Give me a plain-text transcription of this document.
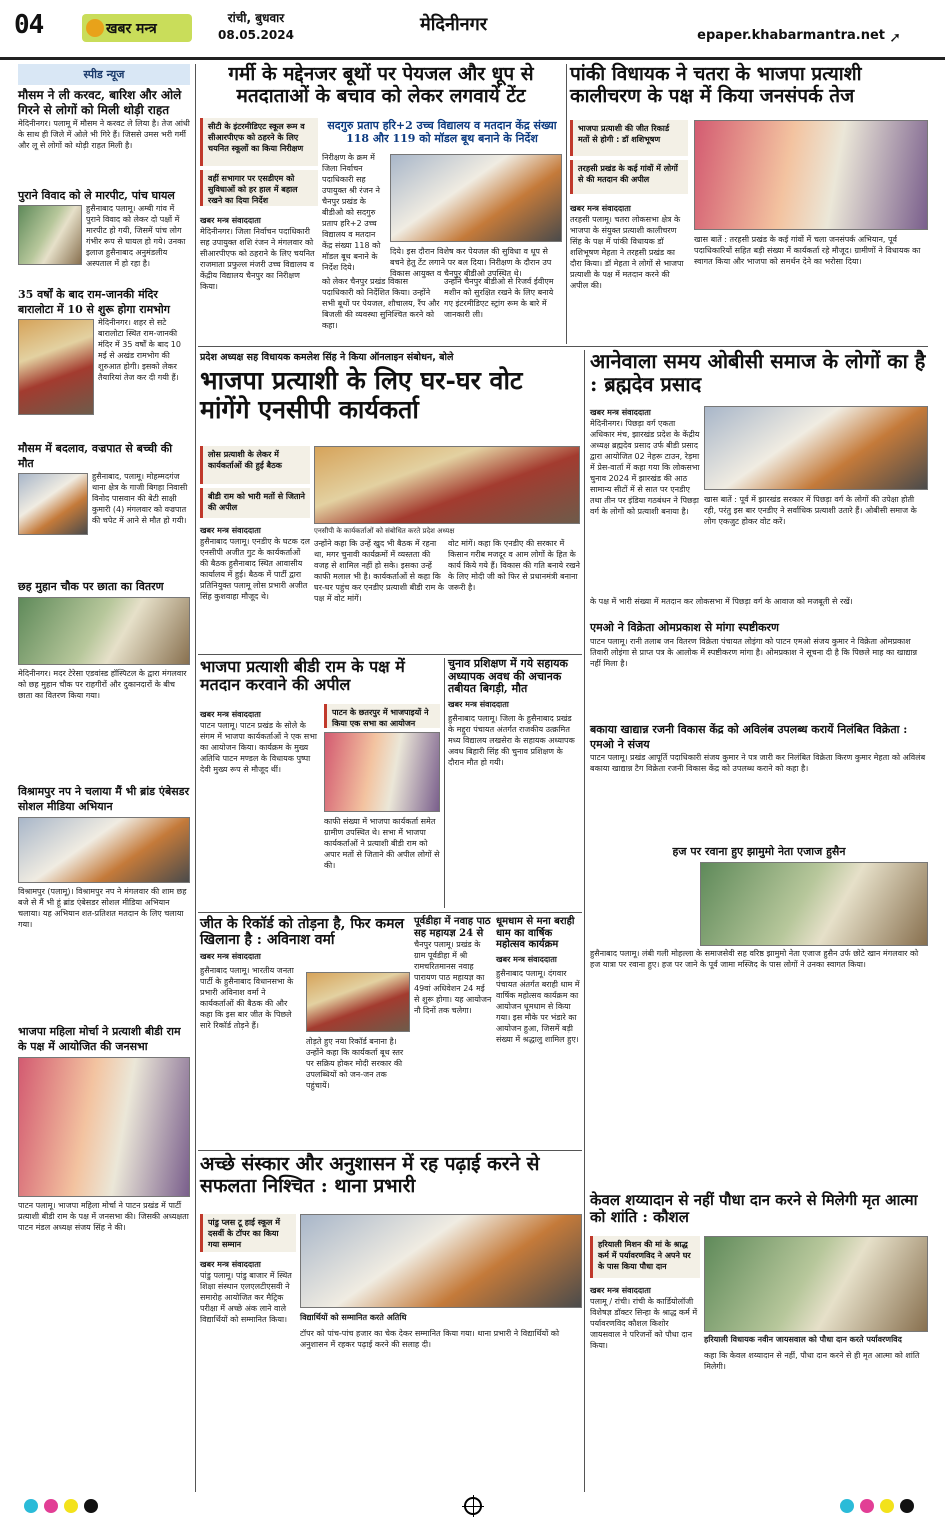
04	खबर मन्त्र
रांची, बुधवार
08.05.2024	मेदिनीनगर
epaper.khabarmantra.net ➚
स्पीड न्यूज
मौसम ने ली करवट, बारिश और ओले गिरने से लोगों को मिली थोड़ी राहत
मेदिनीनगर। पलामू में मौसम ने करवट ले लिया है। तेज आंधी के साथ ही जिले में ओले भी गिरे हैं। जिससे उमस भरी गर्मी और लू से लोगों को थोड़ी राहत मिली है।
पुराने विवाद को ले मारपीट, पांच घायल
हुसैनाबाद पलामू। अम्बी गांव में पुराने विवाद को लेकर दो पक्षों में मारपीट हो गयी, जिसमें पांच लोग गंभीर रूप से घायल हो गये। उनका इलाज हुसैनाबाद अनुमंडलीय अस्पताल में हो रहा है।
35 वर्षों के बाद राम-जानकी मंदिर बारालोटा में 10 से शुरू होगा रामभोग
मेदिनीनगर। शहर से सटे बारालोटा स्थित राम-जानकी मंदिर में 35 वर्षों के बाद 10 मई से अखंड रामभोग की शुरुआत होगी। इसको लेकर तैयारियां तेज कर दी गयी हैं।
मौसम में बदलाव, वज्रपात से बच्ची की मौत
हुसैनाबाद, पलामू। मोहम्मदगंज थाना क्षेत्र के गाजी बिगहा निवासी विनोद पासवान की बेटी साक्षी कुमारी (4) मंगलवार को वज्रपात की चपेट में आने से मौत हो गयी।
छह मुहान चौक पर छाता का वितरण
मेदिनीनगर। मदर टेरेसा एडवांस्ड हॉस्पिटल के द्वारा मंगलवार को छह मुहान चौक पर राहगीरों और दुकानदारों के बीच छाता का वितरण किया गया।
विश्रामपुर नप ने चलाया मैं भी ब्रांड एंबेसडर सोशल मीडिया अभियान
विश्रामपुर (पलामू)। विश्रामपुर नप ने मंगलवार की शाम छह बजे से मैं भी हूं ब्रांड एंबेसडर सोशल मीडिया अभियान चलाया। यह अभियान शत-प्रतिशत मतदान के लिए चलाया गया।
भाजपा महिला मोर्चा ने प्रत्याशी बीडी राम के पक्ष में आयोजित की जनसभा
पाटन पलामू। भाजपा महिला मोर्चा ने पाटन प्रखंड में पार्टी प्रत्याशी बीडी राम के पक्ष में जनसभा की। जिसकी अध्यक्षता पाटन मंडल अध्यक्ष संजय सिंह ने की।
गर्मी के मद्देनजर बूथों पर पेयजल और धूप से मतदाताओं के बचाव को लेकर लगवायें टेंट
सीटी के इंटरमीडिएट स्कूल रूम व सीआरपीएफ को ठहरने के लिए चयनित स्कूलों का किया निरीक्षण
वहीं सभागार पर एसडीएम को सुविधाओं को हर हाल में बहाल रखने का दिया निर्देश
सदगुरु प्रताप हरि+2 उच्च विद्यालय व मतदान केंद्र संख्या 118 और 119 को मॉडल बूथ बनाने के निर्देश
निरीक्षण के क्रम में जिला निर्वाचन पदाधिकारी सह उपायुक्त श्री रंजन ने चैनपुर प्रखंड के बीडीओ को सदगुरु प्रताप हरि+2 उच्च विद्यालय व मतदान केंद्र संख्या 118 को मॉडल बूथ बनाने के निर्देश दिये।
खबर मन्त्र संवाददाता
मेदिनीनगर। जिला निर्वाचन पदाधिकारी सह उपायुक्त शशि रंजन ने मंगलवार को सीआरपीएफ को ठहराने के लिए चयनित राजमाता प्रफुल्ल मंजरी उच्च विद्यालय व केंद्रीय विद्यालय चैनपुर का निरीक्षण किया।
दिये। इस दौरान विशेष कर पेयजल की सुविधा व धूप से बचने हेतु टेंट लगाने पर बल दिया। निरीक्षण के दौरान उप विकास आयुक्त व चैनपुर बीडीओ उपस्थित थे।
को लेकर चैनपुर प्रखंड विकास पदाधिकारी को निर्देशित किया। उन्होंने सभी बूथों पर पेयजल, शौचालय, रैंप और बिजली की व्यवस्था सुनिश्चित करने को कहा।
उन्होंने चैनपुर बीडीओ से रिजर्व ईवीएम मशीन को सुरक्षित रखने के लिए बनाये गए इंटरमीडिएट स्ट्रांग रूम के बारे में जानकारी ली।
पांकी विधायक ने चतरा के भाजपा प्रत्याशी कालीचरण के पक्ष में किया जनसंपर्क तेज
भाजपा प्रत्याशी की जीत रिकार्ड मतों से होगी : डॉ शशिभूषण
तरहसी प्रखंड के कई गांवों में लोगों से की मतदान की अपील
खबर मन्त्र संवाददाता
तरहसी पलामू। चतरा लोकसभा क्षेत्र के भाजपा के संयुक्त प्रत्याशी कालीचरण सिंह के पक्ष में पांकी विधायक डॉ शशिभूषण मेहता ने तरहसी प्रखंड का दौरा किया। डॉ मेहता ने लोगों से भाजपा प्रत्याशी के पक्ष में मतदान करने की अपील की।
खास बातें : तरहसी प्रखंड के कई गांवों में चला जनसंपर्क अभियान, पूर्व पदाधिकारियों सहित बड़ी संख्या में कार्यकर्ता रहे मौजूद। ग्रामीणों ने विधायक का स्वागत किया और भाजपा को समर्थन देने का भरोसा दिया।
प्रदेश अध्यक्ष सह विधायक कमलेश सिंह ने किया ऑनलाइन संबोधन, बोले
भाजपा प्रत्याशी के लिए घर-घर वोट मांगेंगे एनसीपी कार्यकर्ता
लोस प्रत्याशी के लेकर में कार्यकर्ताओं की हुई बैठक
बीडी राम को भारी मतों से जिताने की अपील
एनसीपी के कार्यकर्ताओं को संबोधित करते प्रदेश अध्यक्ष
खबर मन्त्र संवाददाता
हुसैनाबाद पलामू। एनडीए के घटक दल एनसीपी अजीत गुट के कार्यकर्ताओं की बैठक हुसैनाबाद स्थित आवासीय कार्यालय में हुई। बैठक में पार्टी द्वारा प्रतिनियुक्त पलामू लोस प्रभारी अजीत सिंह कुशवाहा मौजूद थे।
उन्होंने कहा कि उन्हें खुद भी बैठक में रहना था, मगर चुनावी कार्यक्रमों में व्यस्तता की वजह से शामिल नहीं हो सके। इसका उन्हें काफी मलाल भी है। कार्यकर्ताओं से कहा कि घर-घर पहुंच कर एनडीए प्रत्याशी बीडी राम के पक्ष में वोट मांगें।
वोट मांगें। कहा कि एनडीए की सरकार में किसान गरीब मजदूर व आम लोगों के हित के कार्य किये गये हैं। विकास की गति बनाये रखने के लिए मोदी जी को फिर से प्रधानमंत्री बनाना जरूरी है।
आनेवाला समय ओबीसी समाज के लोगों का है : ब्रह्मदेव प्रसाद
खबर मन्त्र संवाददाता
मेदिनीनगर। पिछड़ा वर्ग एकता अधिकार मंच, झारखंड प्रदेश के केंद्रीय अध्यक्ष ब्रह्मदेव प्रसाद उर्फ बीडी प्रसाद द्वारा आयोजित 02 नेहरू टाउन, रेड़मा में प्रेस-वार्ता में कहा गया कि लोकसभा चुनाव 2024 में झारखंड की आठ सामान्य सीटों में से सात पर एनडीए तथा तीन पर इंडिया गठबंधन ने पिछड़ा वर्ग के लोगों को प्रत्याशी बनाया है।
खास बातें : पूर्व में झारखंड सरकार में पिछड़ा वर्ग के लोगों की उपेक्षा होती रही, परंतु इस बार एनडीए ने सर्वाधिक प्रत्याशी उतारे हैं। ओबीसी समाज के लोग एकजुट होकर वोट करें।
के पक्ष में भारी संख्या में मतदान कर लोकसभा में पिछड़ा वर्ग के आवाज को मजबूती से रखें।
एमओ ने विक्रेता ओमप्रकाश से मांगा स्पष्टीकरण
पाटन पलामू। रानी तलाब जन वितरण विक्रेता पंचायत लोइंगा को पाटन एमओ संजय कुमार ने विक्रेता ओमप्रकाश तिवारी लोइंगा से प्राप्त पत्र के आलोक में स्पष्टीकरण मांगा है। ओमप्रकाश ने सूचना दी है कि पिछले माह का खाद्यान्न नहीं मिला है।
बकाया खाद्यान्न रजनी विकास केंद्र को अविलंब उपलब्ध करायें निलंबित विक्रेता : एमओ ने संजय
पाटन पलामू। प्रखंड आपूर्ति पदाधिकारी संजय कुमार ने पत्र जारी कर निलंबित विक्रेता किरण कुमार मेहता को अविलंब बकाया खाद्यान्न टैग विक्रेता रजनी विकास केंद्र को उपलब्ध कराने को कहा है।
हज पर रवाना हुए झामुमो नेता एजाज हुसैन
हुसैनाबाद पलामू। लंबी गली मोहल्ला के समाजसेवी सह वरिष्ठ झामुमो नेता एजाज हुसैन उर्फ छोटे खान मंगलवार को हज यात्रा पर रवाना हुए। हज पर जाने के पूर्व जामा मस्जिद के पास लोगों ने उनका स्वागत किया।
भाजपा प्रत्याशी बीडी राम के पक्ष में मतदान करवाने की अपील
पाटन के छतरपुर में भाजपाइयों ने किया एक सभा का आयोजन
खबर मन्त्र संवाददाता
पाटन पलामू। पाटन प्रखंड के सोले के संगम में भाजपा कार्यकर्ताओं ने एक सभा का आयोजन किया। कार्यक्रम के मुख्य अतिथि पाटन मण्डल के विधायक पुष्पा देवी मुख्य रूप से मौजूद थीं।
काफी संख्या में भाजपा कार्यकर्ता समेत ग्रामीण उपस्थित थे। सभा में भाजपा कार्यकर्ताओं ने प्रत्याशी बीडी राम को अपार मतों से जिताने की अपील लोगों से की।
चुनाव प्रशिक्षण में गये सहायक अध्यापक अवध की अचानक तबीयत बिगड़ी, मौत
खबर मन्त्र संवाददाता
हुसैनाबाद पलामू। जिला के हुसैनाबाद प्रखंड के मद्दुरा पंचायत अंतर्गत राजकीय उत्क्रमित मध्य विद्यालय लखसेरा के सहायक अध्यापक अवध बिहारी सिंह की चुनाव प्रशिक्षण के दौरान मौत हो गयी।
जीत के रिकॉर्ड को तोड़ना है, फिर कमल खिलाना है : अविनाश वर्मा
खबर मन्त्र संवाददाता
हुसैनाबाद पलामू। भारतीय जनता पार्टी के हुसैनाबाद विधानसभा के प्रभारी अविनाश वर्मा ने कार्यकर्ताओं की बैठक की और कहा कि इस बार जीत के पिछले सारे रिकॉर्ड तोड़ने हैं।
तोड़ते हुए नया रिकॉर्ड बनाना है। उन्होंने कहा कि कार्यकर्ता बूथ स्तर पर सक्रिय होकर मोदी सरकार की उपलब्धियों को जन-जन तक पहुंचायें।
पूर्वडीहा में नवाह पाठ सह महायज्ञ 24 से
चैनपुर पलामू। प्रखंड के ग्राम पूर्वडीहा में श्री रामचरितमानस नवाह पारायण पाठ महायज्ञ का 49वां अधिवेशन 24 मई से शुरू होगा। यह आयोजन नौ दिनों तक चलेगा।
धूमधाम से मना बराही धाम का वार्षिक महोत्सव कार्यक्रम
खबर मन्त्र संवाददाता
हुसैनाबाद पलामू। दंगवार पंचायत अंतर्गत बराही धाम में वार्षिक महोत्सव कार्यक्रम का आयोजन धूमधाम से किया गया। इस मौके पर भंडारे का आयोजन हुआ, जिसमें बड़ी संख्या में श्रद्धालु शामिल हुए।
अच्छे संस्कार और अनुशासन में रह पढ़ाई करने से सफलता निश्चित : थाना प्रभारी
पांडु प्लस टू हाई स्कूल में दसवीं के टॉपर का किया गया सम्मान
विद्यार्थियों को सम्मानित करते अतिथि
खबर मन्त्र संवाददाता
पांडु पलामू। पांडु बाजार में स्थित शिक्षा संस्थान एलएलटीएसवी ने समारोह आयोजित कर मैट्रिक परीक्षा में अच्छे अंक लाने वाले विद्यार्थियों को सम्मानित किया।
टॉपर को पांच-पांच हजार का चेक देकर सम्मानित किया गया। थाना प्रभारी ने विद्यार्थियों को अनुशासन में रहकर पढ़ाई करने की सलाह दी।
केवल शय्यादान से नहीं पौधा दान करने से मिलेगी मृत आत्मा को शांति : कौशल
हरियाली मिशन की मां के श्राद्ध कर्म में पर्यावरणविद ने अपने घर के पास किया पौधा दान
हरियाली विधायक नवीन जायसवाल को पौधा दान करते पर्यावरणविद
खबर मन्त्र संवाददाता
पलामू / रांची। रांची के कार्डियोलॉजी विशेषज्ञ डॉक्टर सिन्हा के श्राद्ध कर्म में पर्यावरणविद कौशल किशोर जायसवाल ने परिजनों को पौधा दान किया।
कहा कि केवल शय्यादान से नहीं, पौधा दान करने से ही मृत आत्मा को शांति मिलेगी।
